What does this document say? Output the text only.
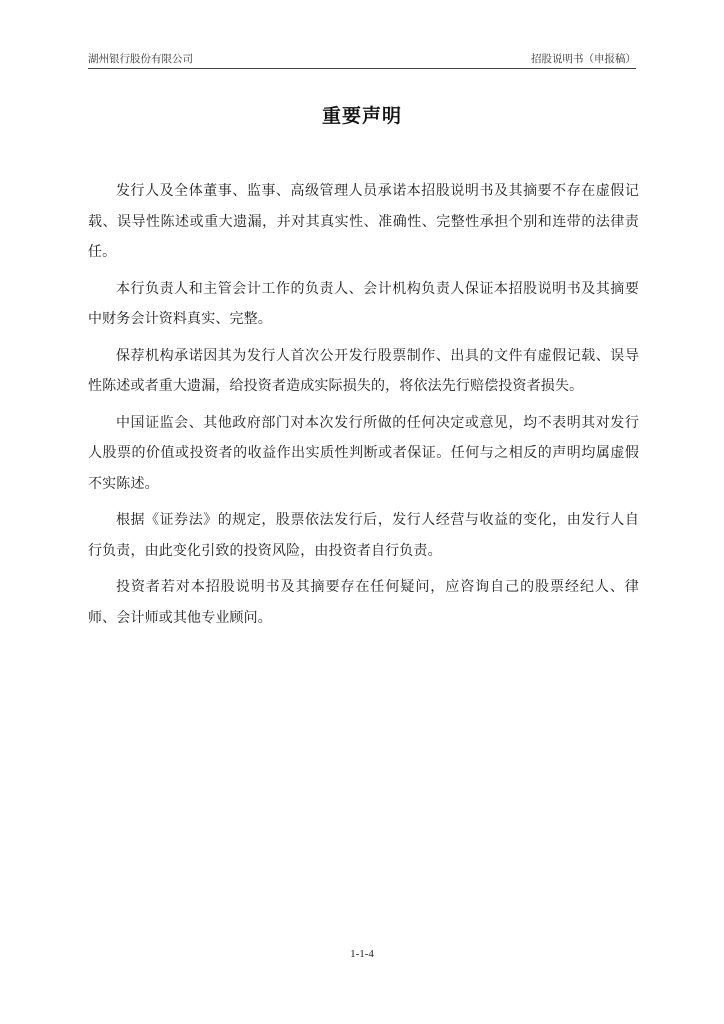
湖州银行股份有限公司	招股说明书（申报稿）
重要声明

发行人及全体董事、监事、高级管理人员承诺本招股说明书及其摘要不存在虚假记载、误导性陈述或重大遗漏，并对其真实性、准确性、完整性承担个别和连带的法律责任。

本行负责人和主管会计工作的负责人、会计机构负责人保证本招股说明书及其摘要中财务会计资料真实、完整。

保荐机构承诺因其为发行人首次公开发行股票制作、出具的文件有虚假记载、误导性陈述或者重大遗漏，给投资者造成实际损失的，将依法先行赔偿投资者损失。

中国证监会、其他政府部门对本次发行所做的任何决定或意见，均不表明其对发行人股票的价值或投资者的收益作出实质性判断或者保证。任何与之相反的声明均属虚假不实陈述。

根据《证券法》的规定，股票依法发行后，发行人经营与收益的变化，由发行人自行负责，由此变化引致的投资风险，由投资者自行负责。

投资者若对本招股说明书及其摘要存在任何疑问，应咨询自己的股票经纪人、律师、会计师或其他专业顾问。

1-1-4
